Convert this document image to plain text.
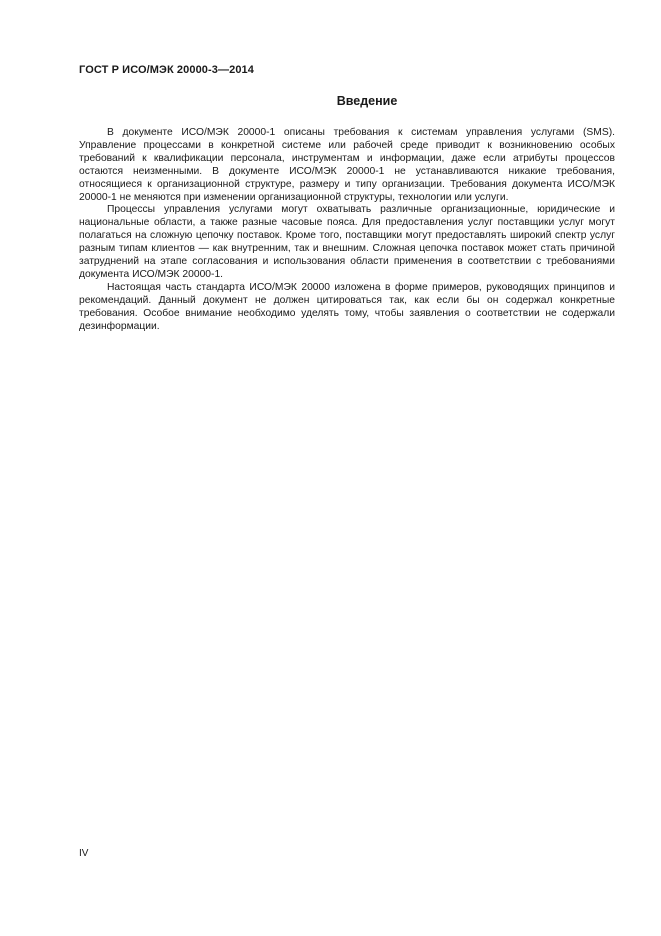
ГОСТ Р ИСО/МЭК 20000-3—2014
Введение

В документе ИСО/МЭК 20000-1 описаны требования к системам управления услугами (SMS). Управление процессами в конкретной системе или рабочей среде приводит к возникновению особых требований к квалификации персонала, инструментам и информации, даже если атрибуты процессов остаются неизменными. В документе ИСО/МЭК 20000-1 не устанавливаются никакие требования, относящиеся к организационной структуре, размеру и типу организации. Требования документа ИСО/МЭК 20000-1 не меняются при изменении организационной структуры, технологии или услуги.

Процессы управления услугами могут охватывать различные организационные, юридические и национальные области, а также разные часовые пояса. Для предоставления услуг поставщики услуг могут полагаться на сложную цепочку поставок. Кроме того, поставщики могут предоставлять широкий спектр услуг разным типам клиентов — как внутренним, так и внешним. Сложная цепочка поставок может стать причиной затруднений на этапе согласования и использования области применения в соответствии с требованиями документа ИСО/МЭК 20000-1.

Настоящая часть стандарта ИСО/МЭК 20000 изложена в форме примеров, руководящих принципов и рекомендаций. Данный документ не должен цитироваться так, как если бы он содержал конкретные требования. Особое внимание необходимо уделять тому, чтобы заявления о соответствии не содержали дезинформации.

IV
